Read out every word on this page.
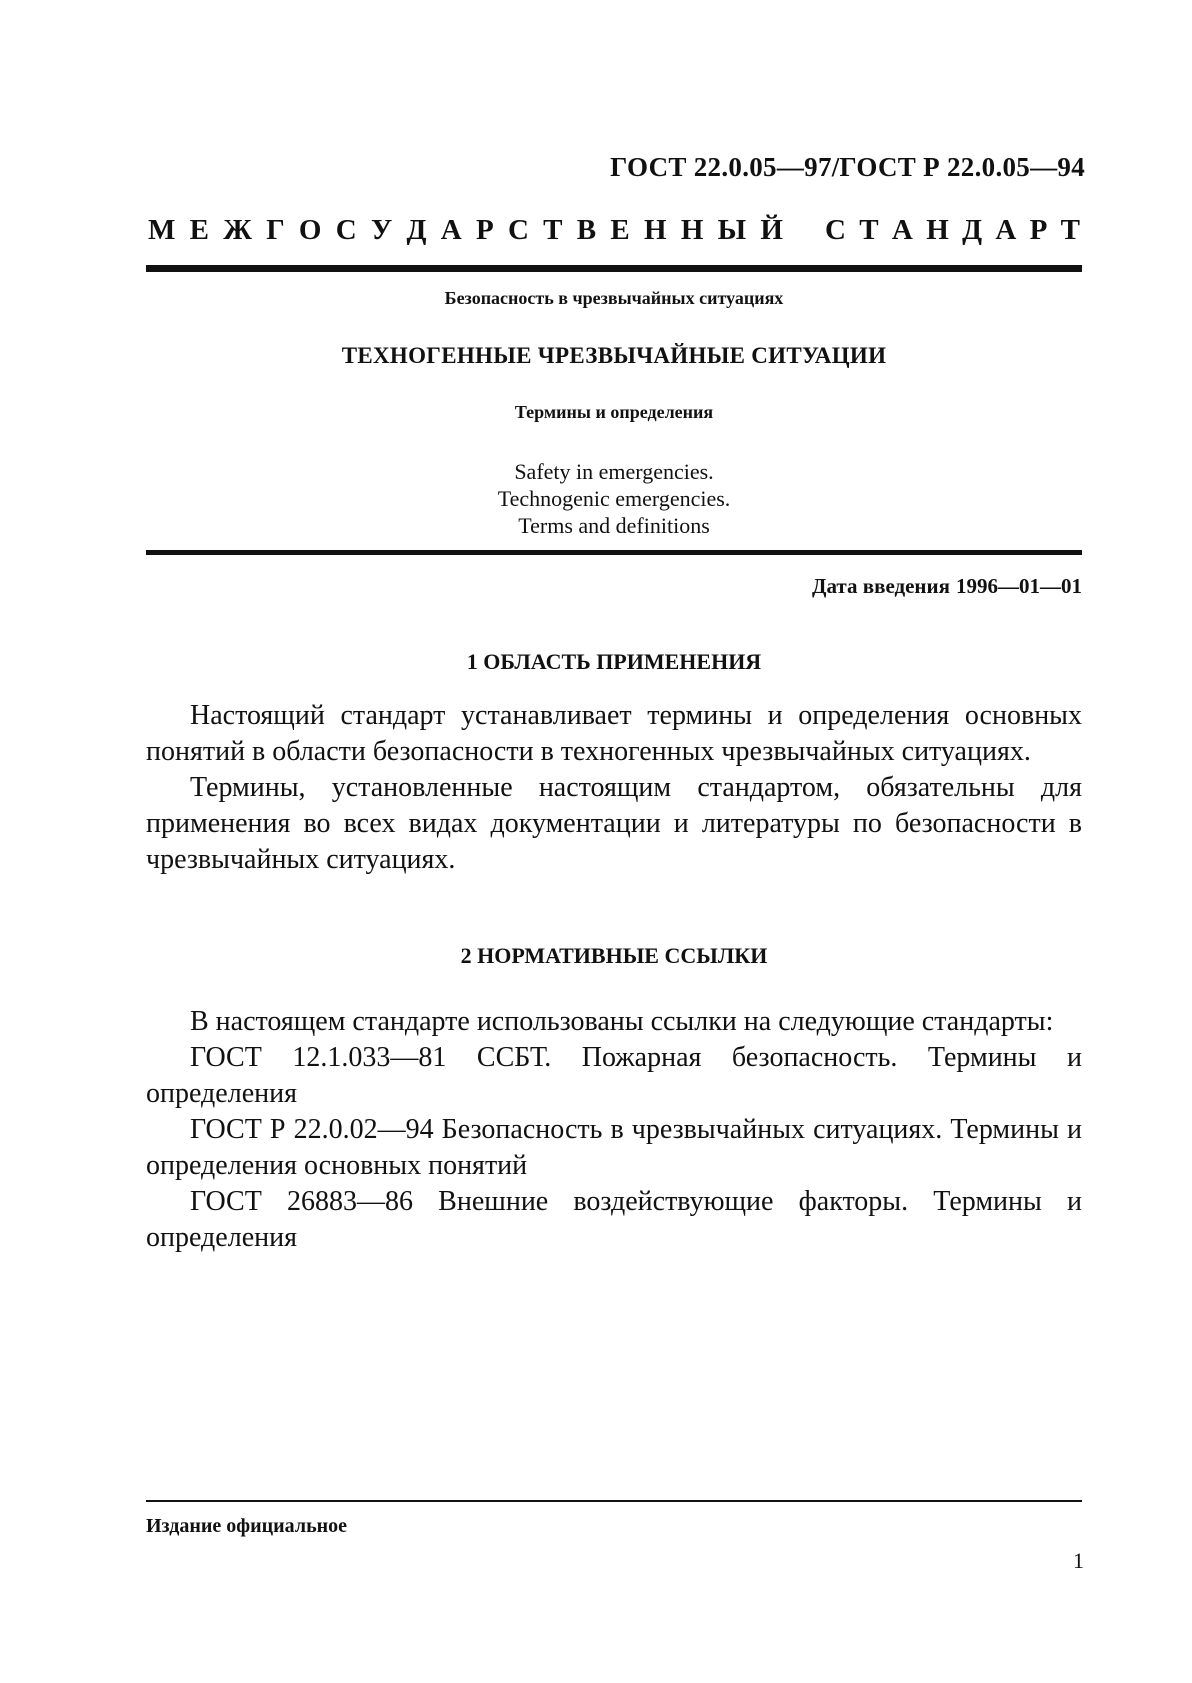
ГОСТ 22.0.05—97/ГОСТ Р 22.0.05—94
М Е Ж Г О С У Д А Р С Т В Е Н Н Ы Й С Т А Н Д А Р Т
Безопасность в чрезвычайных ситуациях
ТЕХНОГЕННЫЕ ЧРЕЗВЫЧАЙНЫЕ СИТУАЦИИ
Термины и определения
Safety in emergencies.
Technogenic emergencies.
Terms and definitions
Дата введения 1996—01—01
1 ОБЛАСТЬ ПРИМЕНЕНИЯ

Настоящий стандарт устанавливает термины и определения основных понятий в области безопасности в техногенных чрезвычайных ситуациях.

Термины, установленные настоящим стандартом, обязательны для применения во всех видах документации и литературы по безопасности в чрезвычайных ситуациях.

2 НОРМАТИВНЫЕ ССЫЛКИ

В настоящем стандарте использованы ссылки на следующие стандарты:

ГОСТ 12.1.033—81 ССБТ. Пожарная безопасность. Термины и определения

ГОСТ Р 22.0.02—94 Безопасность в чрезвычайных ситуациях. Термины и определения основных понятий

ГОСТ 26883—86 Внешние воздействующие факторы. Термины и определения

Издание официальное
1
